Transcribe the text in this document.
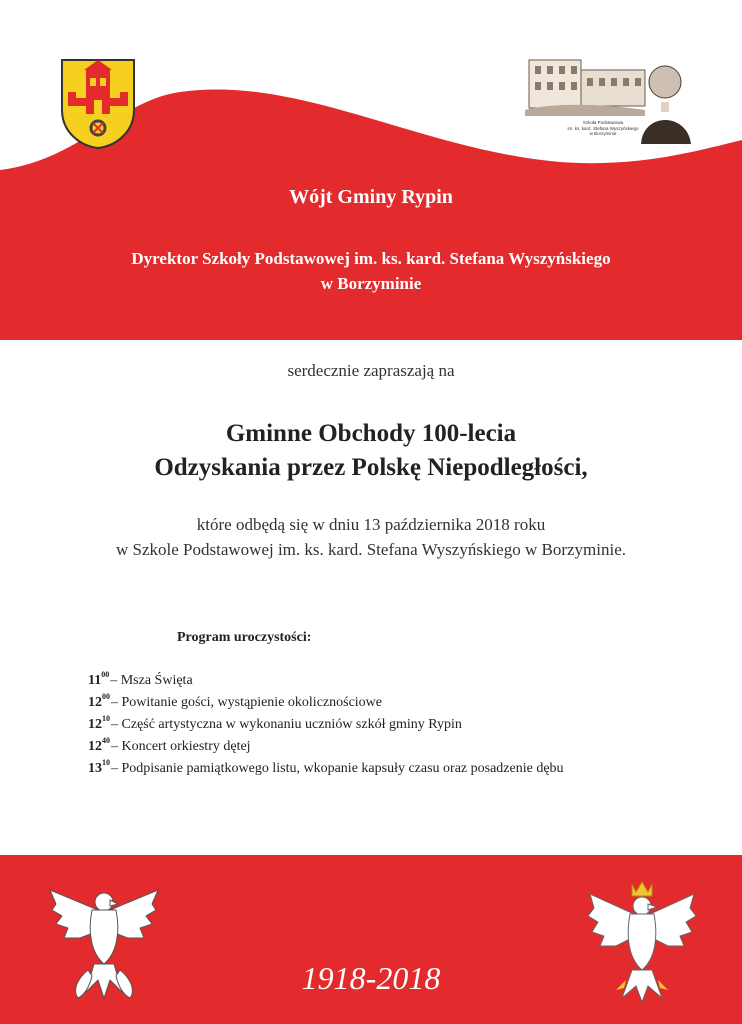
Szkoła Podstawowa
im. ks. kard. Stefana Wyszyńskiego
w Borzyminie
Wójt Gminy Rypin
Dyrektor Szkoły Podstawowej im. ks. kard. Stefana Wyszyńskiego
w Borzyminie
serdecznie zapraszają na
Gminne Obchody 100-lecia
Odzyskania przez Polskę Niepodległości,
które odbędą się w dniu 13 października 2018 roku
w Szkole Podstawowej im. ks. kard. Stefana Wyszyńskiego w Borzyminie.
Program uroczystości:
$11^{00}-$ Msza Święta
$12^{00}-$ Powitanie gości, wystąpienie okolicznościowe
$12^{10}-$ Część artystyczna w wykonaniu uczniów szkół gminy Rypin
$12^{40}-$ Koncert orkiestry dętej
$13^{10}-$ Podpisanie pamiątkowego listu, wkopanie kapsuły czasu oraz posadzenie dębu
1918-2018
